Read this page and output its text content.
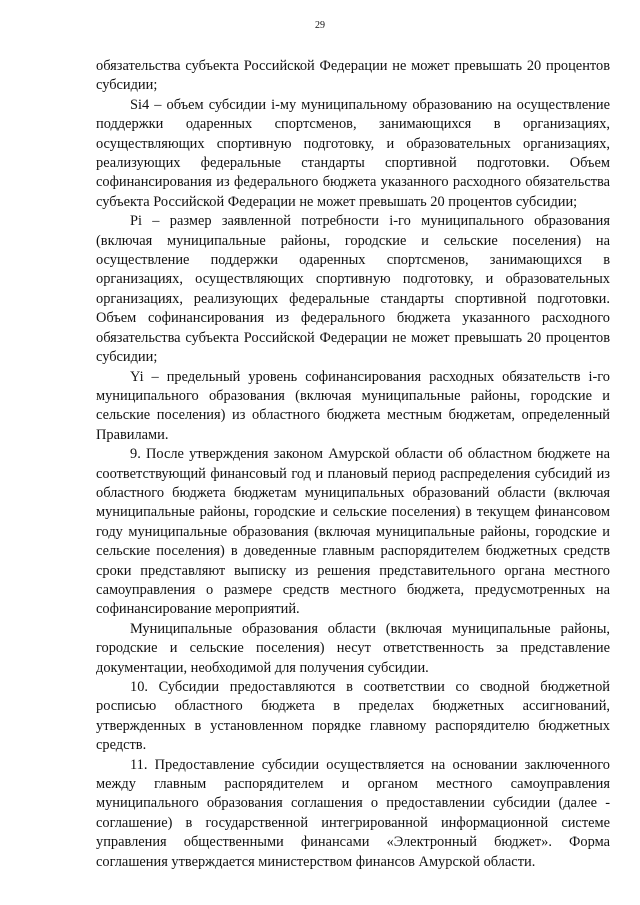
29

обязательства субъекта Российской Федерации не может превышать 20 процентов субсидии;

Si4 – объем субсидии i-му муниципальному образованию на осуществление поддержки одаренных спортсменов, занимающихся в организациях, осуществляющих спортивную подготовку, и образовательных организациях, реализующих федеральные стандарты спортивной подготовки. Объем софинансирования из федерального бюджета указанного расходного обязательства субъекта Российской Федерации не может превышать 20 процентов субсидии;

Pi – размер заявленной потребности i-го муниципального образования (включая муниципальные районы, городские и сельские поселения) на осуществление поддержки одаренных спортсменов, занимающихся в организациях, осуществляющих спортивную подготовку, и образовательных организациях, реализующих федеральные стандарты спортивной подготовки. Объем софинансирования из федерального бюджета указанного расходного обязательства субъекта Российской Федерации не может превышать 20 процентов субсидии;

Yi – предельный уровень софинансирования расходных обязательств i-го муниципального образования (включая муниципальные районы, городские и сельские поселения) из областного бюджета местным бюджетам, определенный Правилами.

9. После утверждения законом Амурской области об областном бюджете на соответствующий финансовый год и плановый период распределения субсидий из областного бюджета бюджетам муниципальных образований области (включая муниципальные районы, городские и сельские поселения) в текущем финансовом году муниципальные образования (включая муниципальные районы, городские и сельские поселения) в доведенные главным распорядителем бюджетных средств сроки представляют выписку из решения представительного органа местного самоуправления о размере средств местного бюджета, предусмотренных на софинансирование мероприятий.

Муниципальные образования области (включая муниципальные районы, городские и сельские поселения) несут ответственность за представление документации, необходимой для получения субсидии.

10. Субсидии предоставляются в соответствии со сводной бюджетной росписью областного бюджета в пределах бюджетных ассигнований, утвержденных в установленном порядке главному распорядителю бюджетных средств.

11. Предоставление субсидии осуществляется на основании заключенного между главным распорядителем и органом местного самоуправления муниципального образования соглашения о предоставлении субсидии (далее - соглашение) в государственной интегрированной информационной системе управления общественными финансами «Электронный бюджет». Форма соглашения утверждается министерством финансов Амурской области.
